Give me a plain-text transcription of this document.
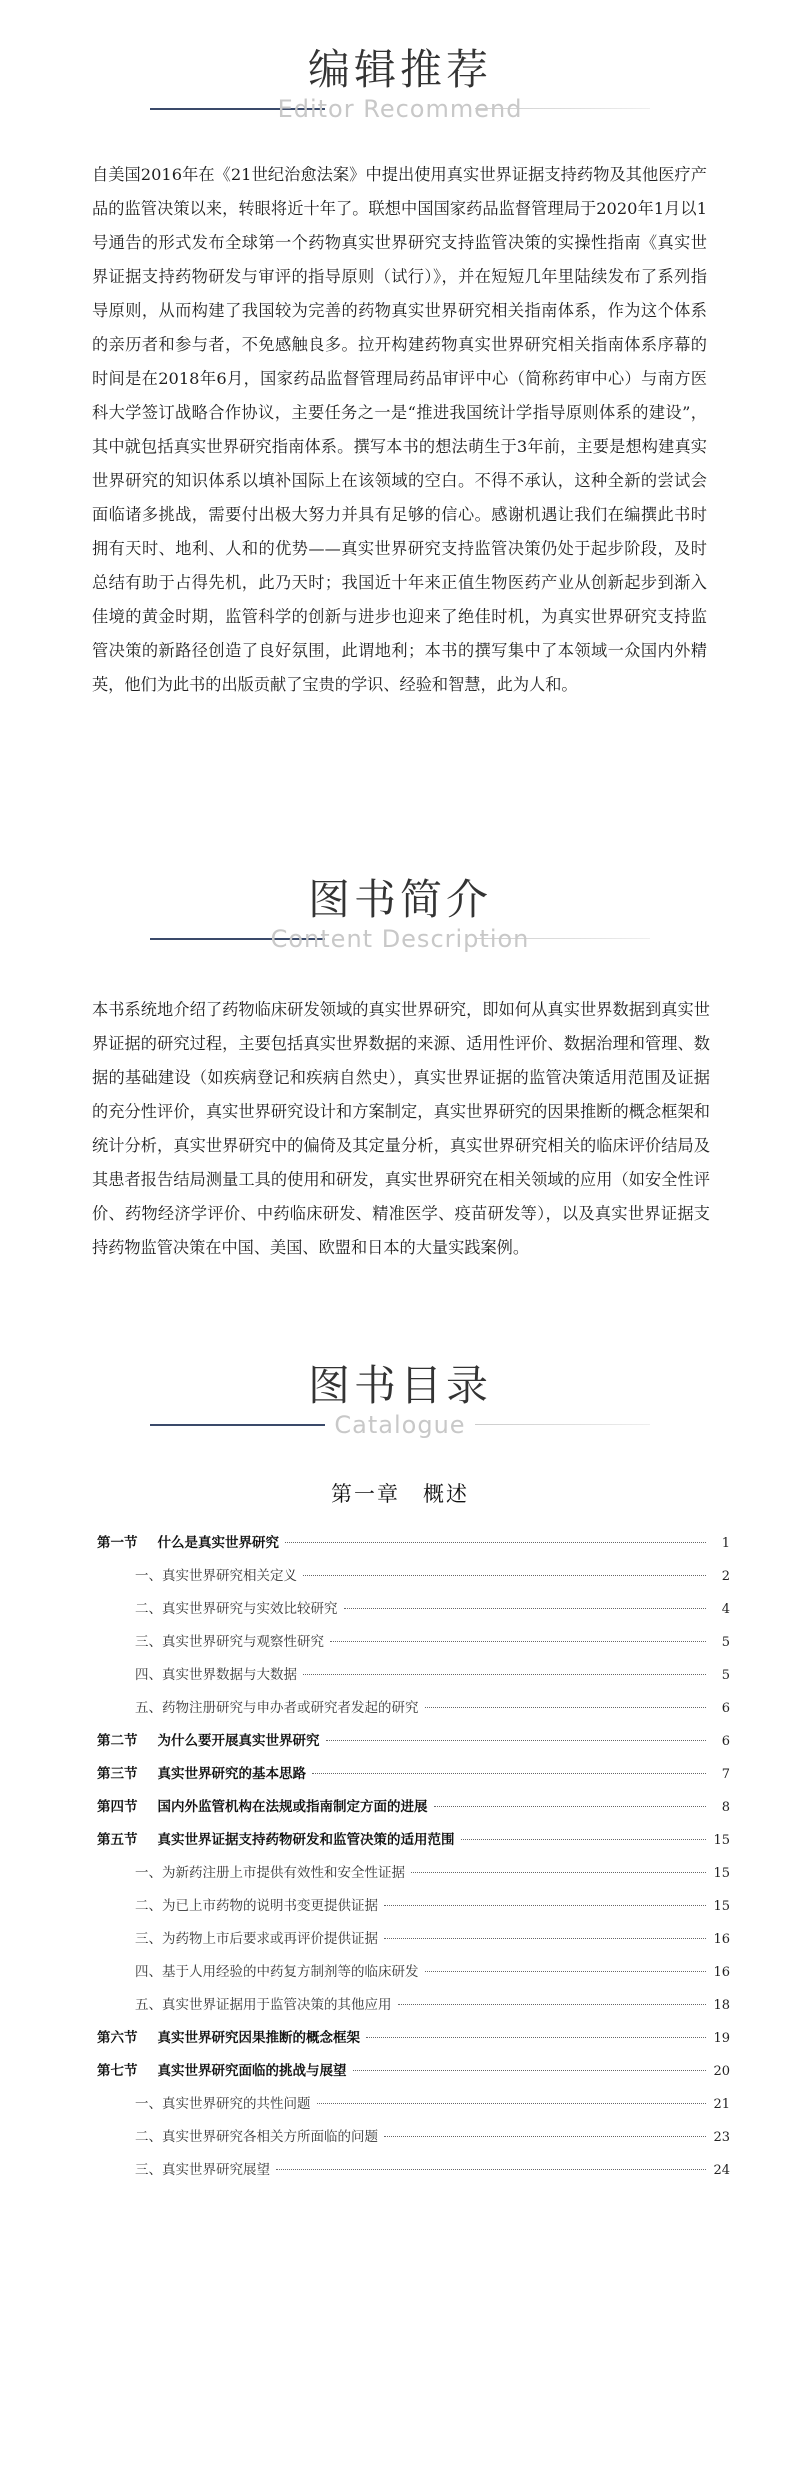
编辑推荐
Editor Recommend

自美国2016年在《21世纪治愈法案》中提出使用真实世界证据支持药物及其他医疗产品的监管决策以来，转眼将近十年了。联想中国国家药品监督管理局于2020年1月以1号通告的形式发布全球第一个药物真实世界研究支持监管决策的实操性指南《真实世界证据支持药物研发与审评的指导原则（试行）》，并在短短几年里陆续发布了系列指导原则，从而构建了我国较为完善的药物真实世界研究相关指南体系，作为这个体系的亲历者和参与者，不免感触良多。拉开构建药物真实世界研究相关指南体系序幕的时间是在2018年6月，国家药品监督管理局药品审评中心（简称药审中心）与南方医科大学签订战略合作协议，主要任务之一是“推进我国统计学指导原则体系的建设”，其中就包括真实世界研究指南体系。撰写本书的想法萌生于3年前，主要是想构建真实世界研究的知识体系以填补国际上在该领域的空白。不得不承认，这种全新的尝试会面临诸多挑战，需要付出极大努力并具有足够的信心。感谢机遇让我们在编撰此书时拥有天时、地利、人和的优势——真实世界研究支持监管决策仍处于起步阶段，及时总结有助于占得先机，此乃天时；我国近十年来正值生物医药产业从创新起步到渐入佳境的黄金时期，监管科学的创新与进步也迎来了绝佳时机，为真实世界研究支持监管决策的新路径创造了良好氛围，此谓地利；本书的撰写集中了本领域一众国内外精英，他们为此书的出版贡献了宝贵的学识、经验和智慧，此为人和。

图书简介
Content Description

本书系统地介绍了药物临床研发领域的真实世界研究，即如何从真实世界数据到真实世界证据的研究过程，主要包括真实世界数据的来源、适用性评价、数据治理和管理、数据的基础建设（如疾病登记和疾病自然史），真实世界证据的监管决策适用范围及证据的充分性评价，真实世界研究设计和方案制定，真实世界研究的因果推断的概念框架和统计分析，真实世界研究中的偏倚及其定量分析，真实世界研究相关的临床评价结局及其患者报告结局测量工具的使用和研发，真实世界研究在相关领域的应用（如安全性评价、药物经济学评价、中药临床研发、精准医学、疫苗研发等），以及真实世界证据支持药物监管决策在中国、美国、欧盟和日本的大量实践案例。

图书目录
Catalogue
第一章　概述
第一节 什么是真实世界研究	1
一、真实世界研究相关定义	2
二、真实世界研究与实效比较研究	4
三、真实世界研究与观察性研究	5
四、真实世界数据与大数据	5
五、药物注册研究与申办者或研究者发起的研究	6
第二节 为什么要开展真实世界研究	6
第三节 真实世界研究的基本思路	7
第四节 国内外监管机构在法规或指南制定方面的进展	8
第五节 真实世界证据支持药物研发和监管决策的适用范围	15
一、为新药注册上市提供有效性和安全性证据	15
二、为已上市药物的说明书变更提供证据	15
三、为药物上市后要求或再评价提供证据	16
四、基于人用经验的中药复方制剂等的临床研发	16
五、真实世界证据用于监管决策的其他应用	18
第六节 真实世界研究因果推断的概念框架	19
第七节 真实世界研究面临的挑战与展望	20
一、真实世界研究的共性问题	21
二、真实世界研究各相关方所面临的问题	23
三、真实世界研究展望	24
